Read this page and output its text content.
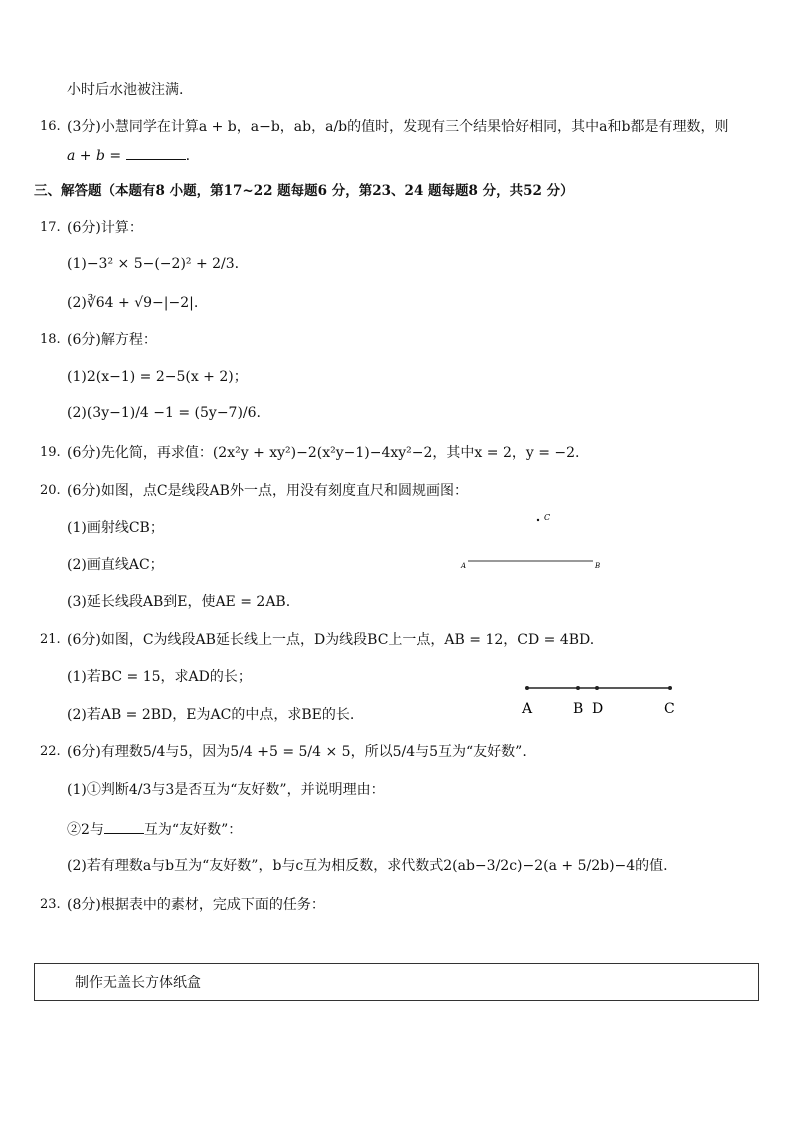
小时后水池被注满.
16. (3分)小慧同学在计算a + b，a−b，ab，a/b的值时，发现有三个结果恰好相同，其中a和b都是有理数，则
a + b =	.
三、解答题（本题有8 小题，第17~22 题每题6 分，第23、24 题每题8 分，共52 分）
17. (6分)计算：
(1)−3² × 5−(−2)² + 2/3.
(2)∛64 + √9−|−2|.
18. (6分)解方程：
(1)2(x−1) = 2−5(x + 2)；
(2)(3y−1)/4 −1 = (5y−7)/6.
19. (6分)先化简，再求值：(2x²y + xy²)−2(x²y−1)−4xy²−2，其中x = 2，y = −2.
20. (6分)如图，点C是线段AB外一点，用没有刻度直尺和圆规画图：
(1)画射线CB；
(2)画直线AC；
(3)延长线段AB到E，使AE = 2AB.
C
A	B
21. (6分)如图，C为线段AB延长线上一点，D为线段BC上一点，AB = 12，CD = 4BD.
(1)若BC = 15，求AD的长；
(2)若AB = 2BD，E为AC的中点，求BE的长.	A	B D	C
22. (6分)有理数5/4与5，因为5/4 +5 = 5/4 × 5，所以5/4与5互为“友好数”.
(1)①判断4/3与3是否互为“友好数”，并说明理由：
②2与	互为“友好数”：
(2)若有理数a与b互为“友好数”，b与c互为相反数，求代数式2(ab−3/2c)−2(a + 5/2b)−4的值.
23. (8分)根据表中的素材，完成下面的任务：
制作无盖长方体纸盒
